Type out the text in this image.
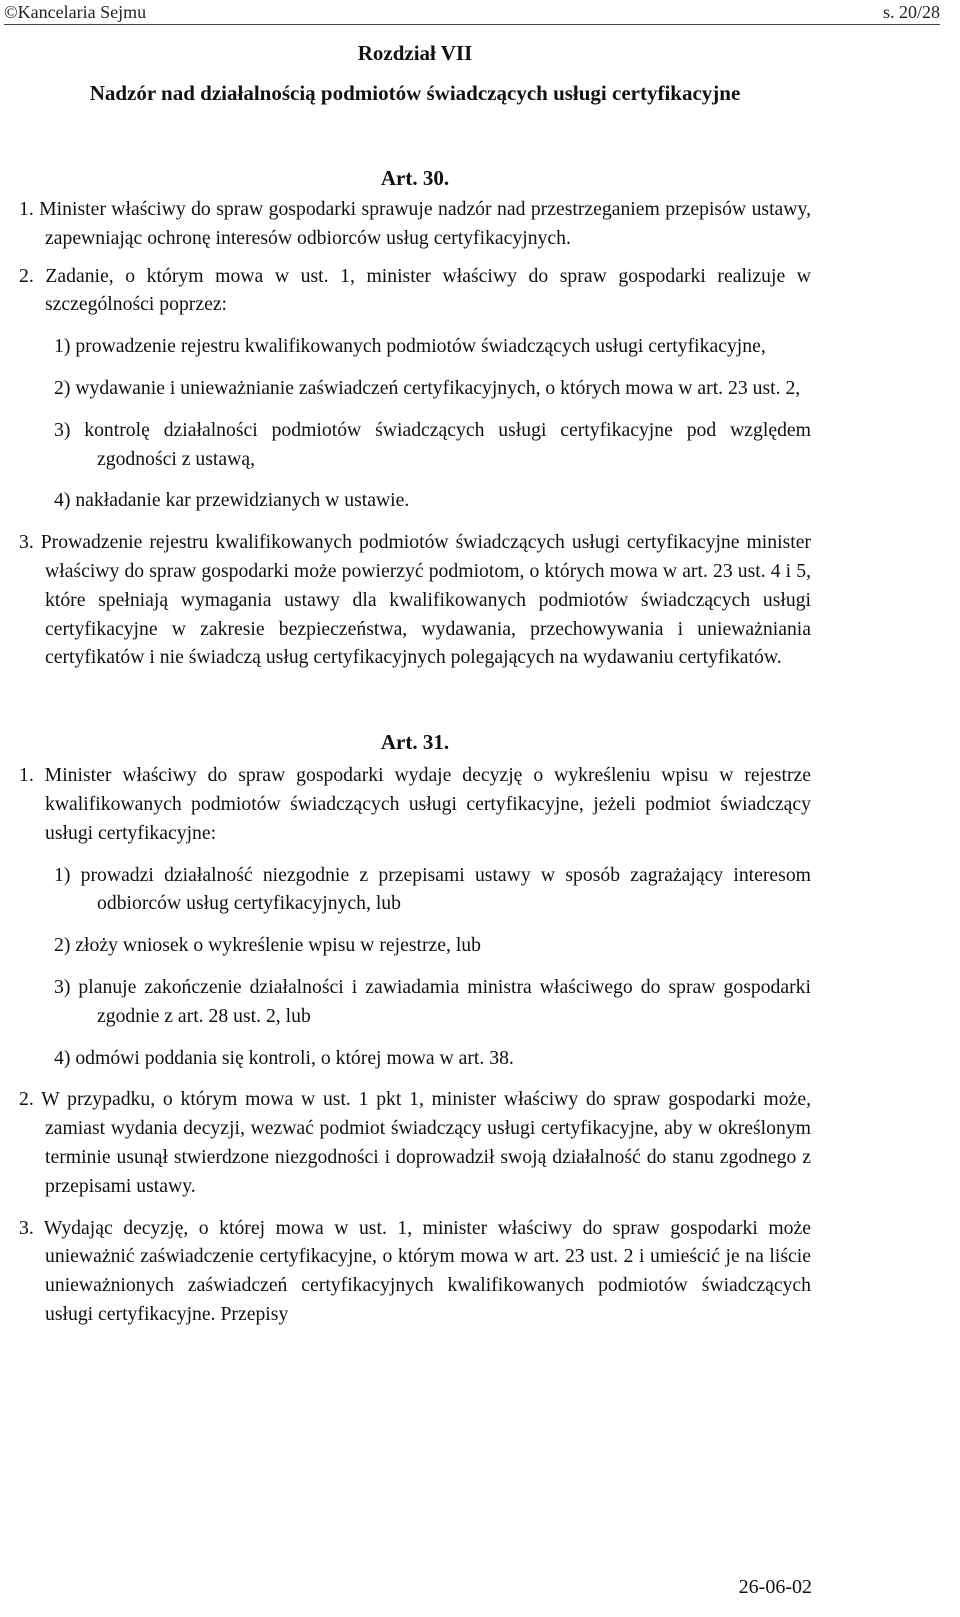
©Kancelaria Sejmu	s. 20/28
Rozdział VII
Nadzór nad działalnością podmiotów świadczących usługi certyfikacyjne
Art. 30.

1. Minister właściwy do spraw gospodarki sprawuje nadzór nad przestrzeganiem przepisów ustawy, zapewniając ochronę interesów odbiorców usług certyfikacyjnych.

2. Zadanie, o którym mowa w ust. 1, minister właściwy do spraw gospodarki realizuje w szczególności poprzez:

1) prowadzenie rejestru kwalifikowanych podmiotów świadczących usługi certyfikacyjne,

2) wydawanie i unieważnianie zaświadczeń certyfikacyjnych, o których mowa w art. 23 ust. 2,

3) kontrolę działalności podmiotów świadczących usługi certyfikacyjne pod względem zgodności z ustawą,

4) nakładanie kar przewidzianych w ustawie.

3. Prowadzenie rejestru kwalifikowanych podmiotów świadczących usługi certyfikacyjne minister właściwy do spraw gospodarki może powierzyć podmiotom, o których mowa w art. 23 ust. 4 i 5, które spełniają wymagania ustawy dla kwalifikowanych podmiotów świadczących usługi certyfikacyjne w zakresie bezpieczeństwa, wydawania, przechowywania i unieważniania certyfikatów i nie świadczą usług certyfikacyjnych polegających na wydawaniu certyfikatów.

Art. 31.

1. Minister właściwy do spraw gospodarki wydaje decyzję o wykreśleniu wpisu w rejestrze kwalifikowanych podmiotów świadczących usługi certyfikacyjne, jeżeli podmiot świadczący usługi certyfikacyjne:

1) prowadzi działalność niezgodnie z przepisami ustawy w sposób zagrażający interesom odbiorców usług certyfikacyjnych, lub

2) złoży wniosek o wykreślenie wpisu w rejestrze, lub

3) planuje zakończenie działalności i zawiadamia ministra właściwego do spraw gospodarki zgodnie z art. 28 ust. 2, lub

4) odmówi poddania się kontroli, o której mowa w art. 38.

2. W przypadku, o którym mowa w ust. 1 pkt 1, minister właściwy do spraw gospodarki może, zamiast wydania decyzji, wezwać podmiot świadczący usługi certyfikacyjne, aby w określonym terminie usunął stwierdzone niezgodności i doprowadził swoją działalność do stanu zgodnego z przepisami ustawy.

3. Wydając decyzję, o której mowa w ust. 1, minister właściwy do spraw gospodarki może unieważnić zaświadczenie certyfikacyjne, o którym mowa w art. 23 ust. 2 i umieścić je na liście unieważnionych zaświadczeń certyfikacyjnych kwalifikowanych podmiotów świadczących usługi certyfikacyjne. Przepisy

26-06-02
